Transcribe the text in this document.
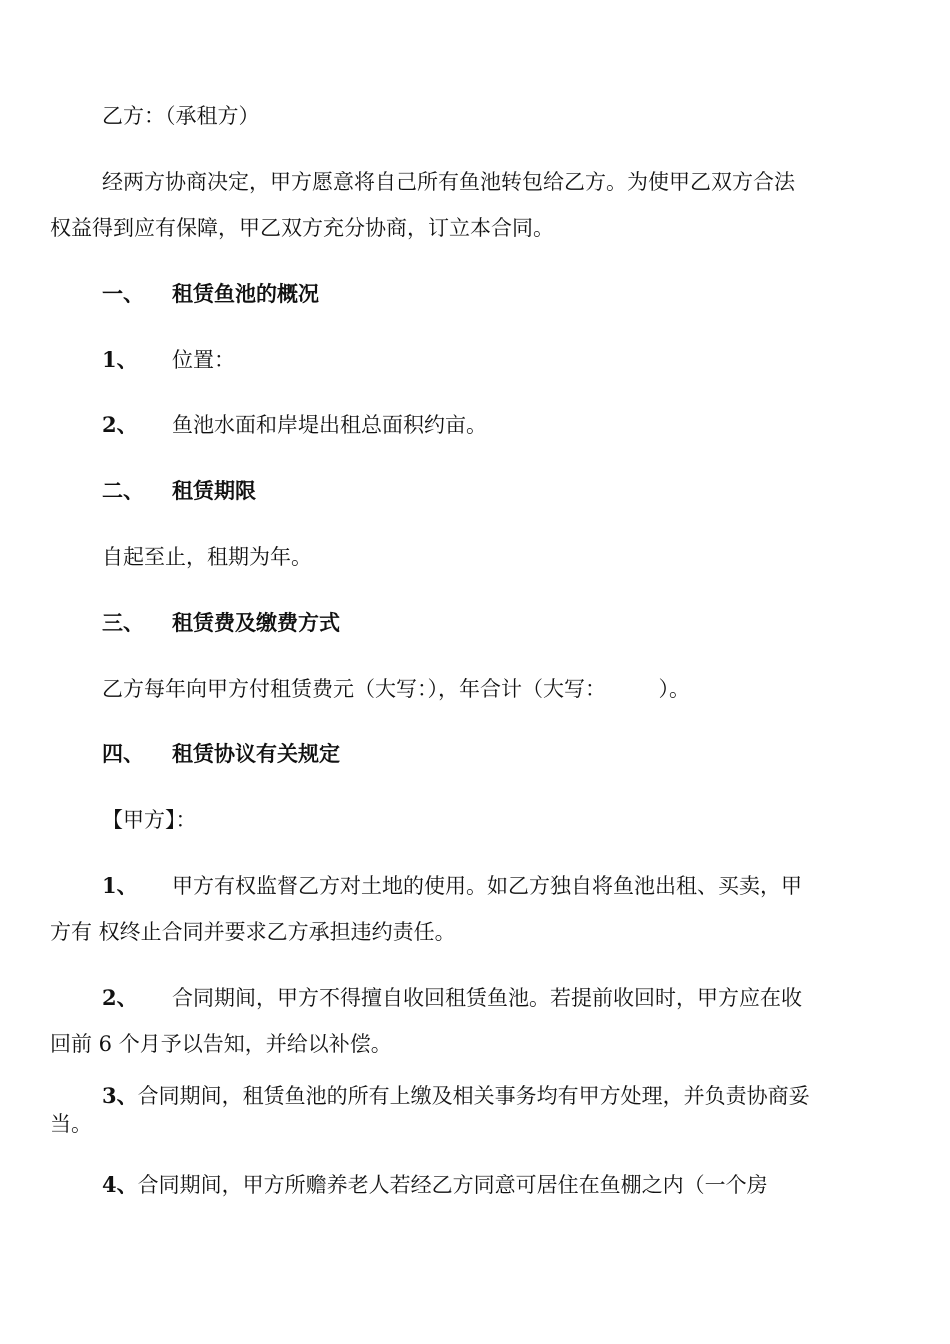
乙方：（承租方）
经两方协商决定，甲方愿意将自己所有鱼池转包给乙方。为使甲乙双方合法
权益得到应有保障，甲乙双方充分协商，订立本合同。
一、 租赁鱼池的概况
1、 位置：
2、 鱼池水面和岸堤出租总面积约亩。
二、 租赁期限
自起至止，租期为年。
三、 租赁费及缴费方式
乙方每年向甲方付租赁费元（大写：），年合计（大写：　　　）。
四、 租赁协议有关规定
【甲方】：
1、 甲方有权监督乙方对土地的使用。如乙方独自将鱼池出租、买卖，甲
方有 权终止合同并要求乙方承担违约责任。
2、 合同期间，甲方不得擅自收回租赁鱼池。若提前收回时，甲方应在收
回前 6 个月予以告知，并给以补偿。
3、合同期间，租赁鱼池的所有上缴及相关事务均有甲方处理，并负责协商妥
当。
4、合同期间，甲方所赡养老人若经乙方同意可居住在鱼棚之内（一个房
